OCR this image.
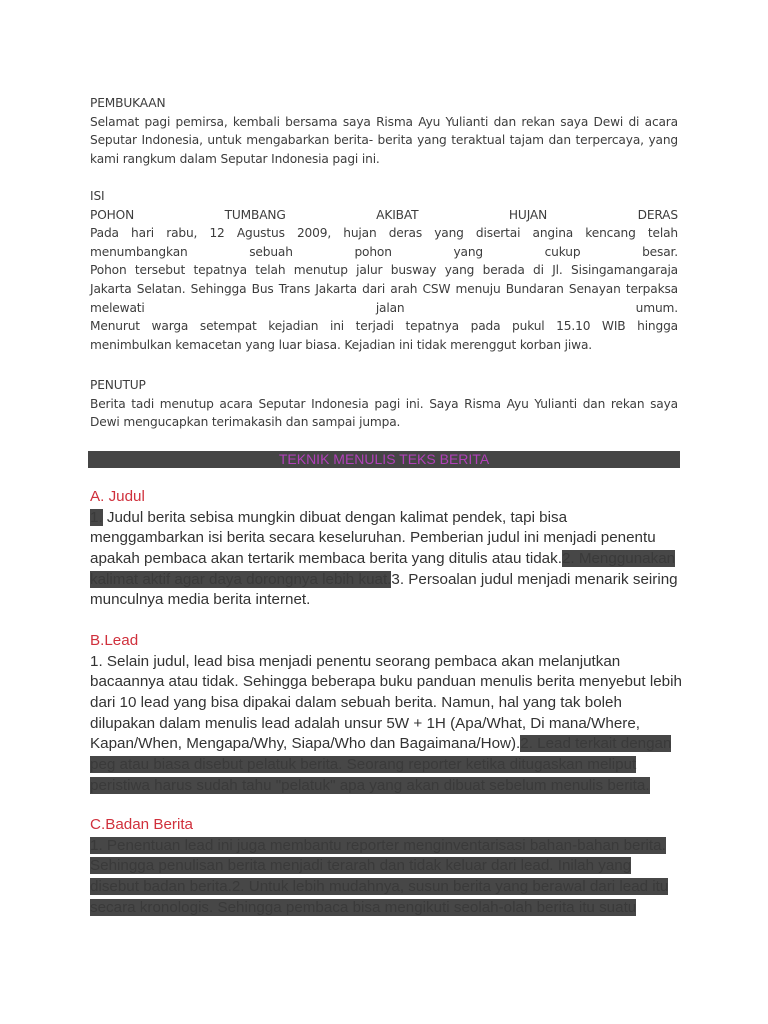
PEMBUKAAN
Selamat pagi pemirsa, kembali bersama saya Risma Ayu Yulianti dan rekan saya Dewi di acara
Seputar Indonesia, untuk mengabarkan berita- berita yang teraktual tajam dan terpercaya, yang
kami rangkum dalam Seputar Indonesia pagi ini.
ISI
POHON	TUMBANG	AKIBAT	HUJAN	DERAS
Pada hari rabu, 12 Agustus 2009, hujan deras yang disertai angina kencang telah
menumbangkan	sebuah	pohon	yang	cukup	besar.
Pohon tersebut tepatnya telah menutup jalur busway yang berada di Jl. Sisingamangaraja
Jakarta Selatan. Sehingga Bus Trans Jakarta dari arah CSW menuju Bundaran Senayan terpaksa
melewati	jalan	umum.
Menurut warga setempat kejadian ini terjadi tepatnya pada pukul 15.10 WIB hingga
menimbulkan kemacetan yang luar biasa. Kejadian ini tidak merenggut korban jiwa.
PENUTUP
Berita tadi menutup acara Seputar Indonesia pagi ini. Saya Risma Ayu Yulianti dan rekan saya
Dewi mengucapkan terimakasih dan sampai jumpa.
TEKNIK MENULIS TEKS BERITA
A. Judul
1. Judul berita sebisa mungkin dibuat dengan kalimat pendek, tapi bisa
menggambarkan isi berita secara keseluruhan. Pemberian judul ini menjadi penentu
apakah pembaca akan tertarik membaca berita yang ditulis atau tidak.2. Menggunakan
kalimat aktif agar daya dorongnya lebih kuat.3. Persoalan judul menjadi menarik seiring
munculnya media berita internet.
B.Lead
1. Selain judul, lead bisa menjadi penentu seorang pembaca akan melanjutkan
bacaannya atau tidak. Sehingga beberapa buku panduan menulis berita menyebut lebih
dari 10 lead yang bisa dipakai dalam sebuah berita. Namun, hal yang tak boleh
dilupakan dalam menulis lead adalah unsur 5W + 1H (Apa/What, Di mana/Where,
Kapan/When, Mengapa/Why, Siapa/Who dan Bagaimana/How).2. Lead terkait dengan
peg atau biasa disebut pelatuk berita. Seorang reporter ketika ditugaskan meliput
peristiwa harus sudah tahu "pelatuk" apa yang akan dibuat sebelum menulis berita.
C.Badan Berita
1. Penentuan lead ini juga membantu reporter menginventarisasi bahan-bahan berita.
Sehingga penulisan berita menjadi terarah dan tidak keluar dari lead. Inilah yang
disebut badan berita.2. Untuk lebih mudahnya, susun berita yang berawal dari lead itu
secara kronologis. Sehingga pembaca bisa mengikuti seolah-olah berita itu suatu
